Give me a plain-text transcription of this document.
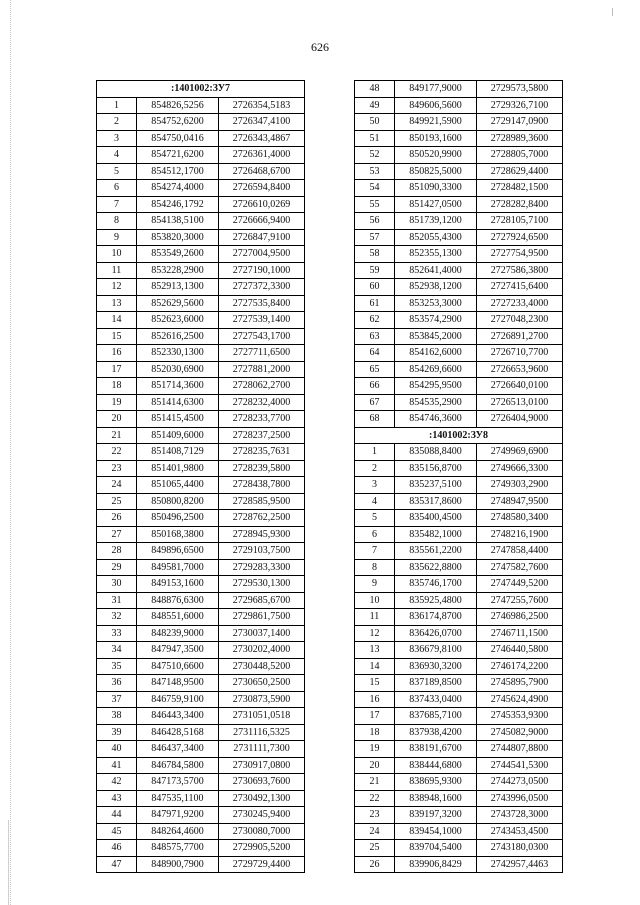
626
:1401002:ЗУ7		
1	854826,5256	2726354,5183
2	854752,6200	2726347,4100
3	854750,0416	2726343,4867
4	854721,6200	2726361,4000
5	854512,1700	2726468,6700
6	854274,4000	2726594,8400
7	854246,1792	2726610,0269
8	854138,5100	2726666,9400
9	853820,3000	2726847,9100
10	853549,2600	2727004,9500
11	853228,2900	2727190,1000
12	852913,1300	2727372,3300
13	852629,5600	2727535,8400
14	852623,6000	2727539,1400
15	852616,2500	2727543,1700
16	852330,1300	2727711,6500
17	852030,6900	2727881,2000
18	851714,3600	2728062,2700
19	851414,6300	2728232,4000
20	851415,4500	2728233,7700
21	851409,6000	2728237,2500
22	851408,7129	2728235,7631
23	851401,9800	2728239,5800
24	851065,4400	2728438,7800
25	850800,8200	2728585,9500
26	850496,2500	2728762,2500
27	850168,3800	2728945,9300
28	849896,6500	2729103,7500
29	849581,7000	2729283,3300
30	849153,1600	2729530,1300
31	848876,6300	2729685,6700
32	848551,6000	2729861,7500
33	848239,9000	2730037,1400
34	847947,3500	2730202,4000
35	847510,6600	2730448,5200
36	847148,9500	2730650,2500
37	846759,9100	2730873,5900
38	846443,3400	2731051,0518
39	846428,5168	2731116,5325
40	846437,3400	2731111,7300
41	846784,5800	2730917,0800
42	847173,5700	2730693,7600
43	847535,1100	2730492,1300
44	847971,9200	2730245,9400
45	848264,4600	2730080,7000
46	848575,7700	2729905,5200
47	848900,7900	2729729,4400
48	849177,9000	2729573,5800
49	849606,5600	2729326,7100
50	849921,5900	2729147,0900
51	850193,1600	2728989,3600
52	850520,9900	2728805,7000
53	850825,5000	2728629,4400
54	851090,3300	2728482,1500
55	851427,0500	2728282,8400
56	851739,1200	2728105,7100
57	852055,4300	2727924,6500
58	852355,1300	2727754,9500
59	852641,4000	2727586,3800
60	852938,1200	2727415,6400
61	853253,3000	2727233,4000
62	853574,2900	2727048,2300
63	853845,2000	2726891,2700
64	854162,6000	2726710,7700
65	854269,6600	2726653,9600
66	854295,9500	2726640,0100
67	854535,2900	2726513,0100
68	854746,3600	2726404,9000
:1401002:ЗУ8		
1	835088,8400	2749969,6900
2	835156,8700	2749666,3300
3	835237,5100	2749303,2900
4	835317,8600	2748947,9500
5	835400,4500	2748580,3400
6	835482,1000	2748216,1900
7	835561,2200	2747858,4400
8	835622,8800	2747582,7600
9	835746,1700	2747449,5200
10	835925,4800	2747255,7600
11	836174,8700	2746986,2500
12	836426,0700	2746711,1500
13	836679,8100	2746440,5800
14	836930,3200	2746174,2200
15	837189,8500	2745895,7900
16	837433,0400	2745624,4900
17	837685,7100	2745353,9300
18	837938,4200	2745082,9000
19	838191,6700	2744807,8800
20	838444,6800	2744541,5300
21	838695,9300	2744273,0500
22	838948,1600	2743996,0500
23	839197,3200	2743728,3000
24	839454,1000	2743453,4500
25	839704,5400	2743180,0300
26	839906,8429	2742957,4463
